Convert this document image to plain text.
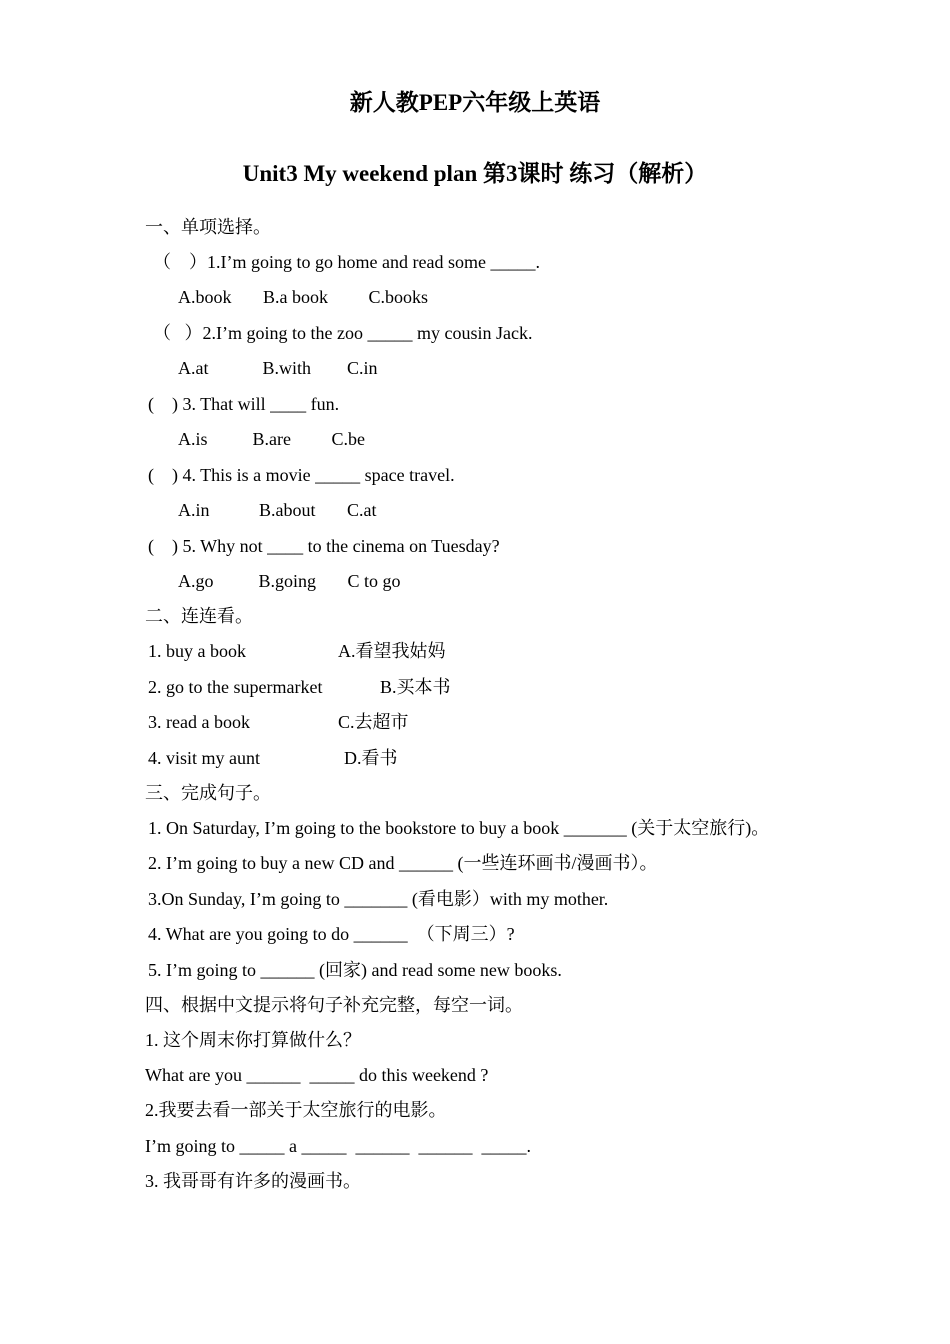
新人教PEP六年级上英语
Unit3 My weekend plan 第3课时 练习（解析）
一、单项选择。
（    ）1.I’m going to go home and read some _____.
A.book       B.a book         C.books
（   ）2.I’m going to the zoo _____ my cousin Jack.
A.at            B.with        C.in
(    ) 3. That will ____ fun.
A.is          B.are         C.be
(    ) 4. This is a movie _____ space travel.
A.in           B.about       C.at
(    ) 5. Why not ____ to the cinema on Tuesday?
A.go          B.going       C to go
二、连连看。
1. buy a book	A.看望我姑妈
2. go to the supermarket	B.买本书
3. read a book	C.去超市
4. visit my aunt	D.看书
三、完成句子。
1. On Saturday, I’m going to the bookstore to buy a book _______ (关于太空旅行)。
2. I’m going to buy a new CD and ______ (一些连环画书/漫画书）。
3.On Sunday, I’m going to _______ (看电影）with my mother.
4. What are you going to do ______  （下周三）?
5. I’m going to ______ (回家) and read some new books.
四、根据中文提示将句子补充完整，每空一词。
1. 这个周末你打算做什么？
What are you ______  _____ do this weekend ?
2.我要去看一部关于太空旅行的电影。
I’m going to _____ a _____  ______  ______  _____.
3. 我哥哥有许多的漫画书。
